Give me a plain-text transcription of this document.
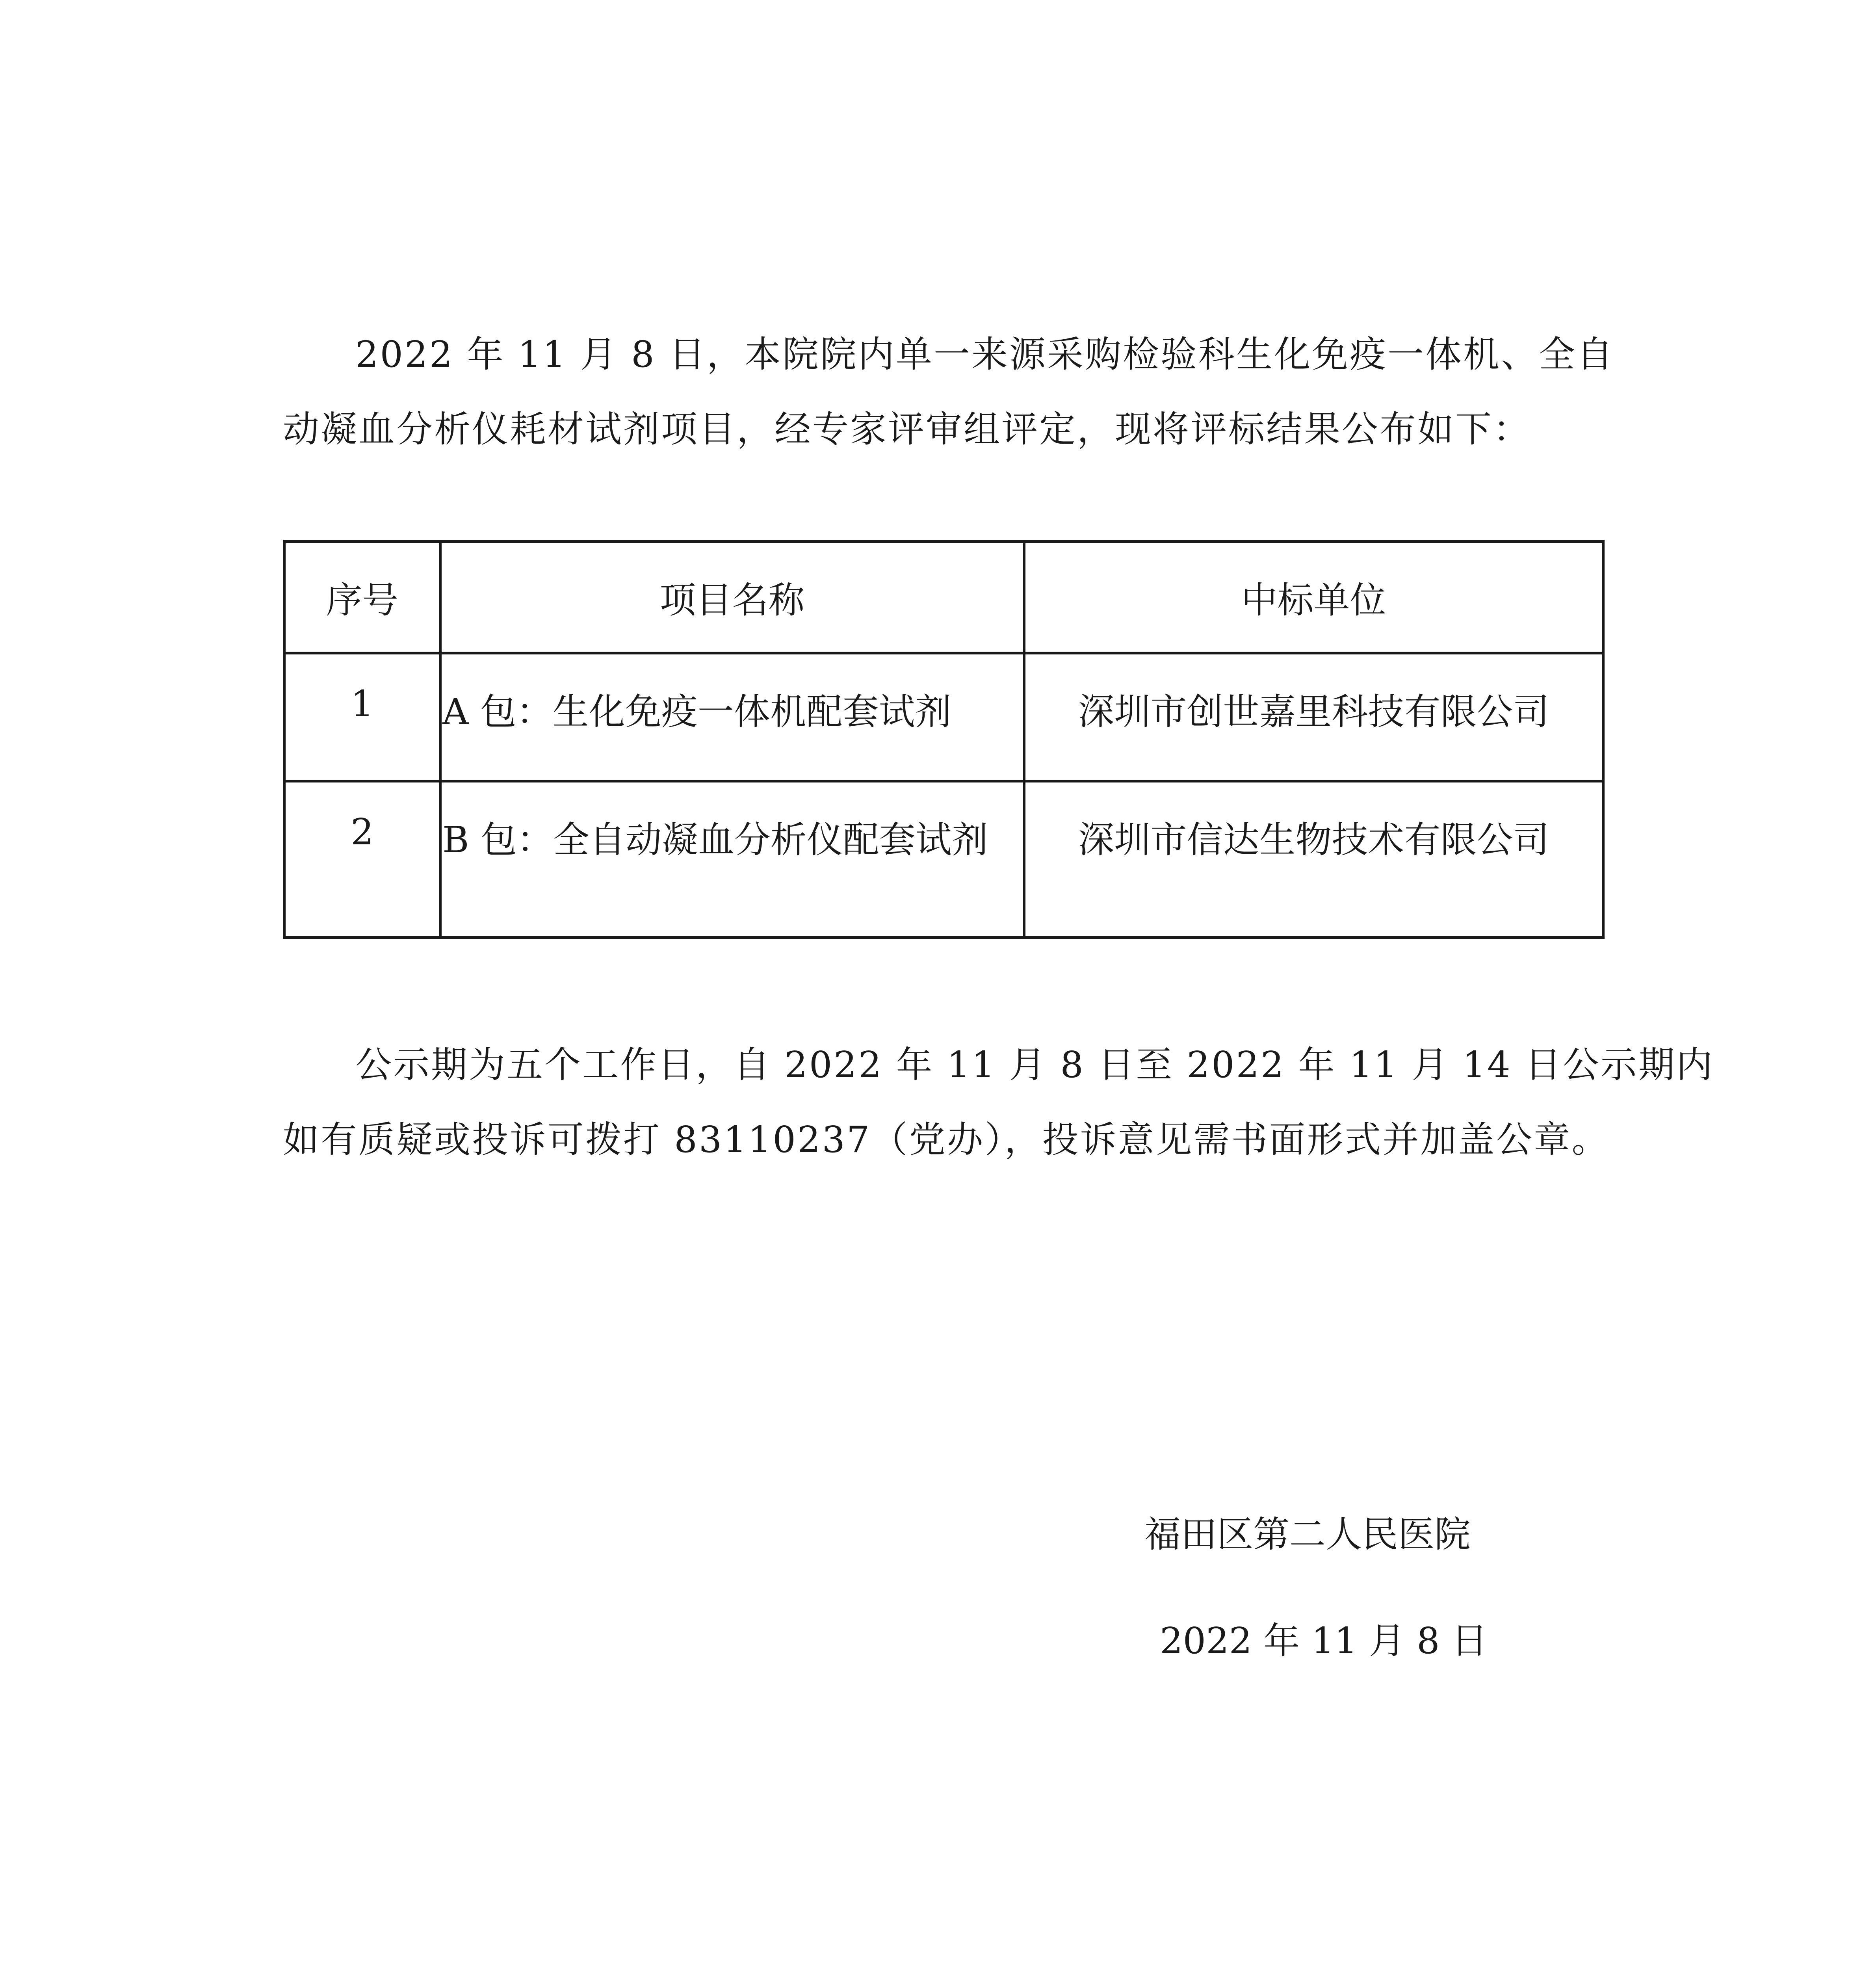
2022 年 11 月 8 日，本院院内单一来源采购检验科生化免疫一体机、全自
动凝血分析仪耗材试剂项目，经专家评审组评定，现将评标结果公布如下：

序号	项目名称	中标单位

1	A 包：生化免疫一体机配套试剂	深圳市创世嘉里科技有限公司

2	B 包：全自动凝血分析仪配套试剂	深圳市信达生物技术有限公司

公示期为五个工作日，自 2022 年 11 月 8 日至 2022 年 11 月 14 日公示期内
如有质疑或投诉可拨打 83110237（党办），投诉意见需书面形式并加盖公章。

福田区第二人民医院
2022 年 11 月 8 日
